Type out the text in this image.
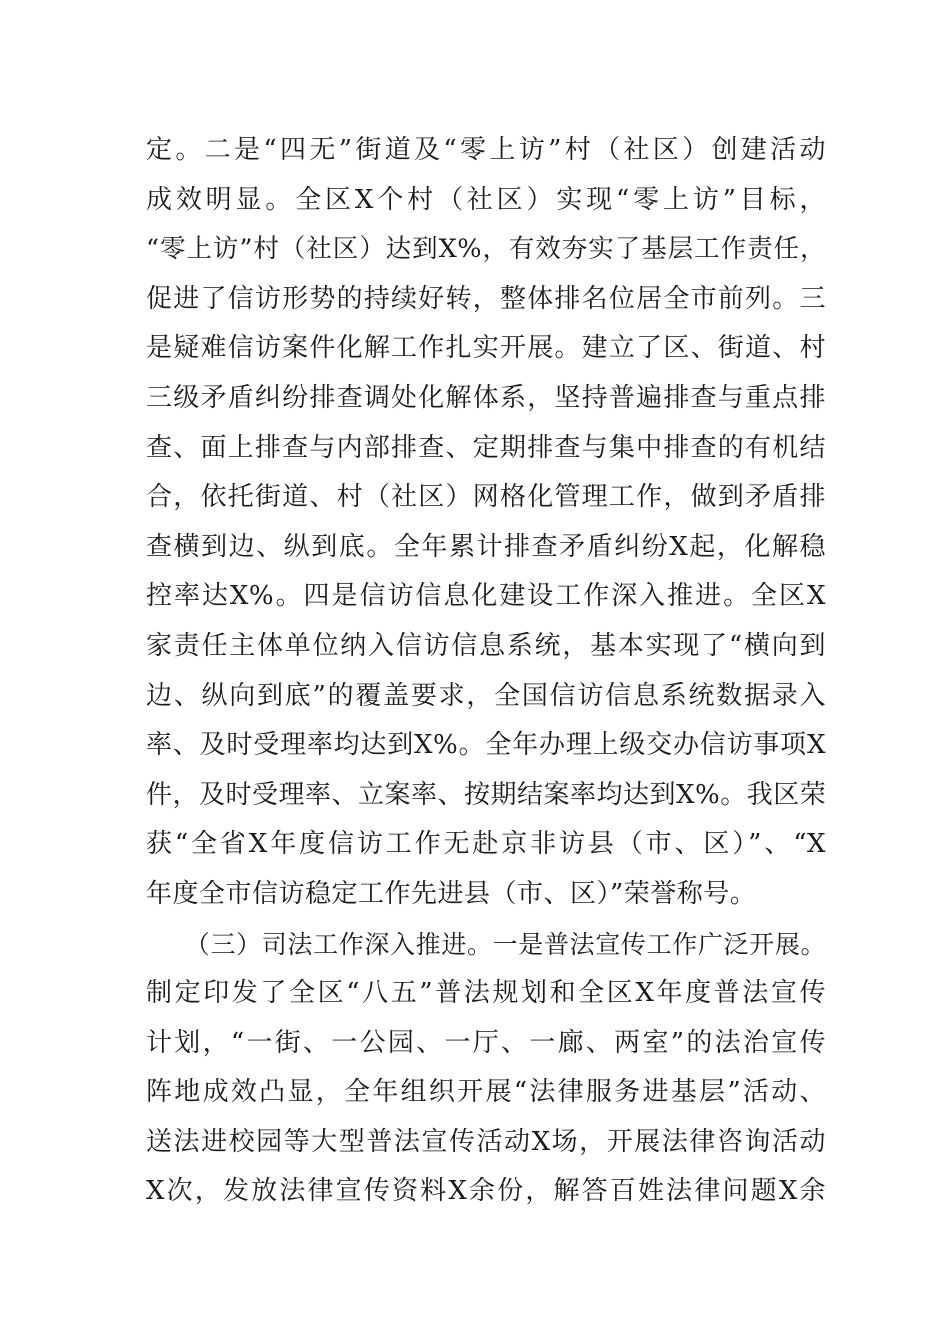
定。二是“四无”街道及“零上访”村（社区）创建活动
成效明显。全区X个村（社区）实现“零上访”目标，
“零上访”村（社区）达到X%，有效夯实了基层工作责任，
促进了信访形势的持续好转，整体排名位居全市前列。三
是疑难信访案件化解工作扎实开展。建立了区、街道、村
三级矛盾纠纷排查调处化解体系，坚持普遍排查与重点排
查、面上排查与内部排查、定期排查与集中排查的有机结
合，依托街道、村（社区）网格化管理工作，做到矛盾排
查横到边、纵到底。全年累计排查矛盾纠纷X起，化解稳
控率达X%。四是信访信息化建设工作深入推进。全区X
家责任主体单位纳入信访信息系统，基本实现了“横向到
边、纵向到底”的覆盖要求，全国信访信息系统数据录入
率、及时受理率均达到X%。全年办理上级交办信访事项X
件，及时受理率、立案率、按期结案率均达到X%。我区荣
获“全省X年度信访工作无赴京非访县（市、区）”、“X
年度全市信访稳定工作先进县（市、区）”荣誉称号。
　　（三）司法工作深入推进。一是普法宣传工作广泛开展。
制定印发了全区“八五”普法规划和全区X年度普法宣传
计划，“一街、一公园、一厅、一廊、两室”的法治宣传
阵地成效凸显，全年组织开展“法律服务进基层”活动、
送法进校园等大型普法宣传活动X场，开展法律咨询活动
X次，发放法律宣传资料X余份，解答百姓法律问题X余
